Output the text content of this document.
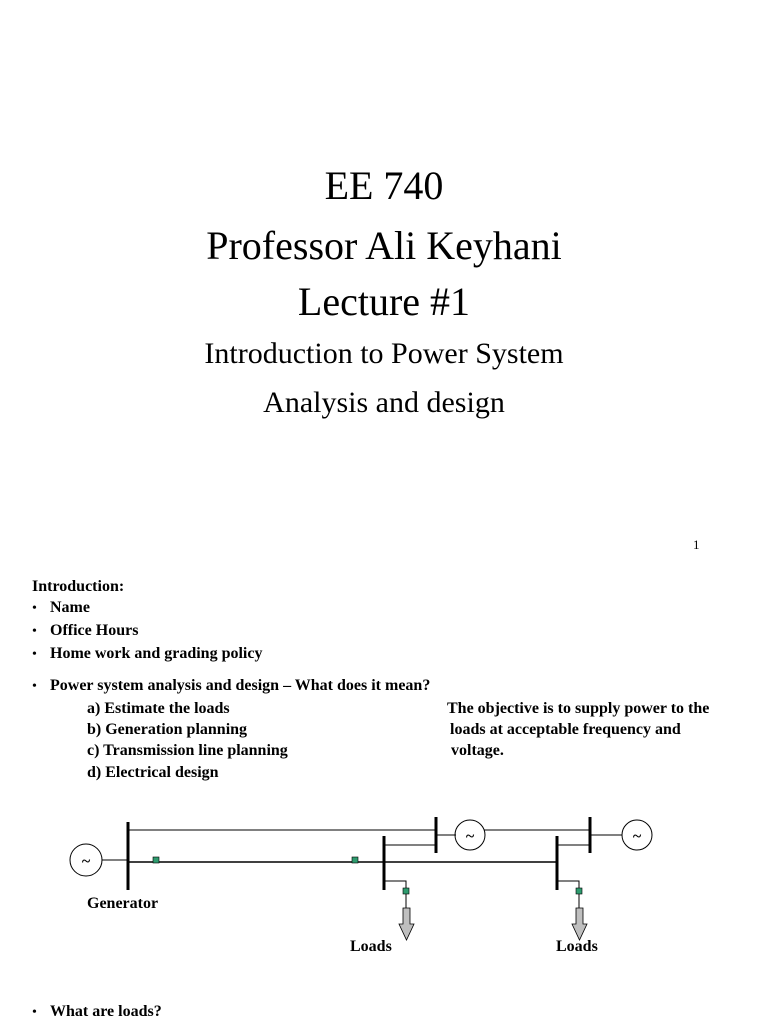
EE 740
Professor Ali Keyhani
Lecture #1
Introduction to Power System
Analysis and design
1
Introduction:
• Name
• Office Hours
• Home work and grading policy
• Power system analysis and design – What does it mean?
a) Estimate the loads
b) Generation planning
c) Transmission line planning
d) Electrical design
The objective is to supply power to the
loads at acceptable frequency and
voltage.
~
~	~
Generator
Loads	Loads
• What are loads?
